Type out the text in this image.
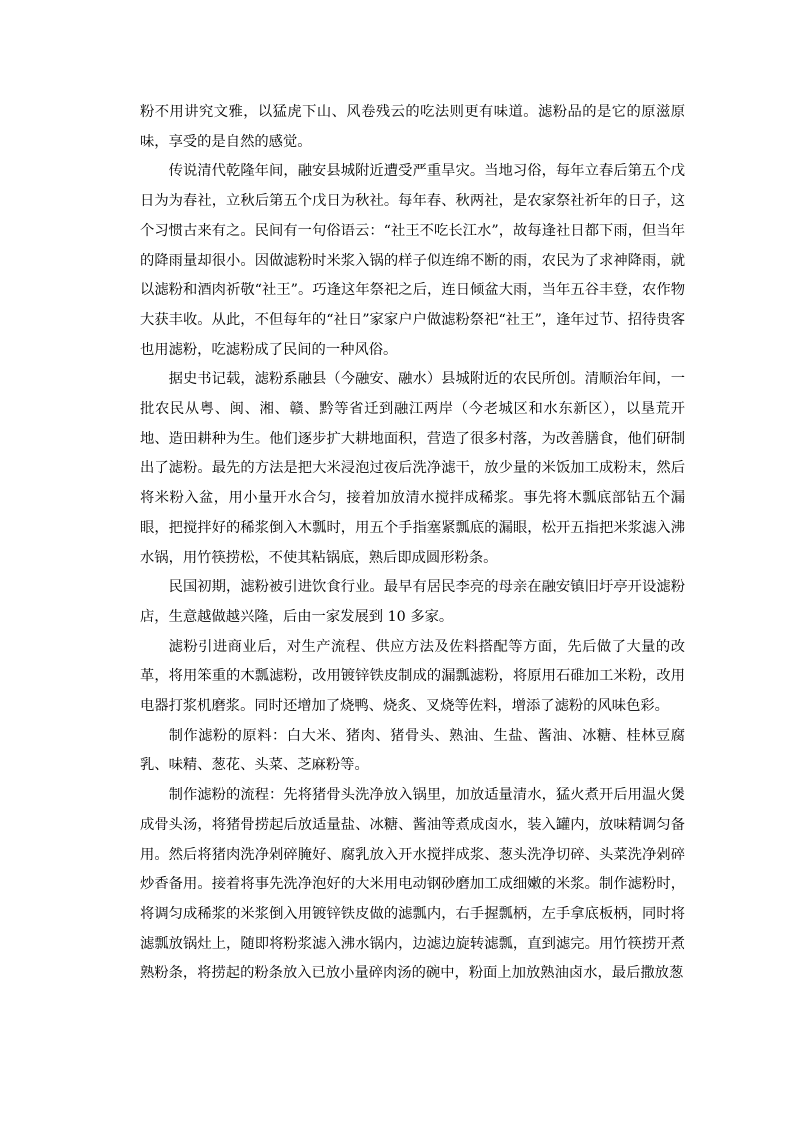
粉不用讲究文雅，以猛虎下山、风卷残云的吃法则更有味道。滤粉品的是它的原滋原味，享受的是自然的感觉。

传说清代乾隆年间，融安县城附近遭受严重旱灾。当地习俗，每年立春后第五个戊日为为春社，立秋后第五个戊日为秋社。每年春、秋两社，是农家祭社祈年的日子，这个习惯古来有之。民间有一句俗语云：“社王不吃长江水”，故每逢社日都下雨，但当年的降雨量却很小。因做滤粉时米浆入锅的样子似连绵不断的雨，农民为了求神降雨，就以滤粉和酒肉祈敬“社王”。巧逢这年祭祀之后，连日倾盆大雨，当年五谷丰登，农作物大获丰收。从此，不但每年的“社日”家家户户做滤粉祭祀“社王”，逢年过节、招待贵客也用滤粉，吃滤粉成了民间的一种风俗。

据史书记载，滤粉系融县（今融安、融水）县城附近的农民所创。清顺治年间，一批农民从粤、闽、湘、赣、黔等省迁到融江两岸（今老城区和水东新区），以垦荒开地、造田耕种为生。他们逐步扩大耕地面积，营造了很多村落，为改善膳食，他们研制出了滤粉。最先的方法是把大米浸泡过夜后洗净滤干，放少量的米饭加工成粉末，然后将米粉入盆，用小量开水合匀，接着加放清水搅拌成稀浆。事先将木瓢底部钻五个漏眼，把搅拌好的稀浆倒入木瓢时，用五个手指塞紧瓢底的漏眼，松开五指把米浆滤入沸水锅，用竹筷捞松，不使其粘锅底，熟后即成圆形粉条。

民国初期，滤粉被引进饮食行业。最早有居民李亮的母亲在融安镇旧圩亭开设滤粉店，生意越做越兴隆，后由一家发展到 10 多家。

滤粉引进商业后，对生产流程、供应方法及佐料搭配等方面，先后做了大量的改革，将用笨重的木瓢滤粉，改用镀锌铁皮制成的漏瓢滤粉，将原用石碓加工米粉，改用电器打浆机磨浆。同时还增加了烧鸭、烧炙、叉烧等佐料，增添了滤粉的风味色彩。

制作滤粉的原料：白大米、猪肉、猪骨头、熟油、生盐、酱油、冰糖、桂林豆腐乳、味精、葱花、头菜、芝麻粉等。

制作滤粉的流程：先将猪骨头洗净放入锅里，加放适量清水，猛火煮开后用温火煲成骨头汤，将猪骨捞起后放适量盐、冰糖、酱油等煮成卤水，装入罐内，放味精调匀备用。然后将猪肉洗净剁碎腌好、腐乳放入开水搅拌成浆、葱头洗净切碎、头菜洗净剁碎炒香备用。接着将事先洗净泡好的大米用电动钢砂磨加工成细嫩的米浆。制作滤粉时，将调匀成稀浆的米浆倒入用镀锌铁皮做的滤瓢内，右手握瓢柄，左手拿底板柄，同时将滤瓢放锅灶上，随即将粉浆滤入沸水锅内，边滤边旋转滤瓢，直到滤完。用竹筷捞开煮熟粉条，将捞起的粉条放入已放小量碎肉汤的碗中，粉面上加放熟油卤水，最后撒放葱
